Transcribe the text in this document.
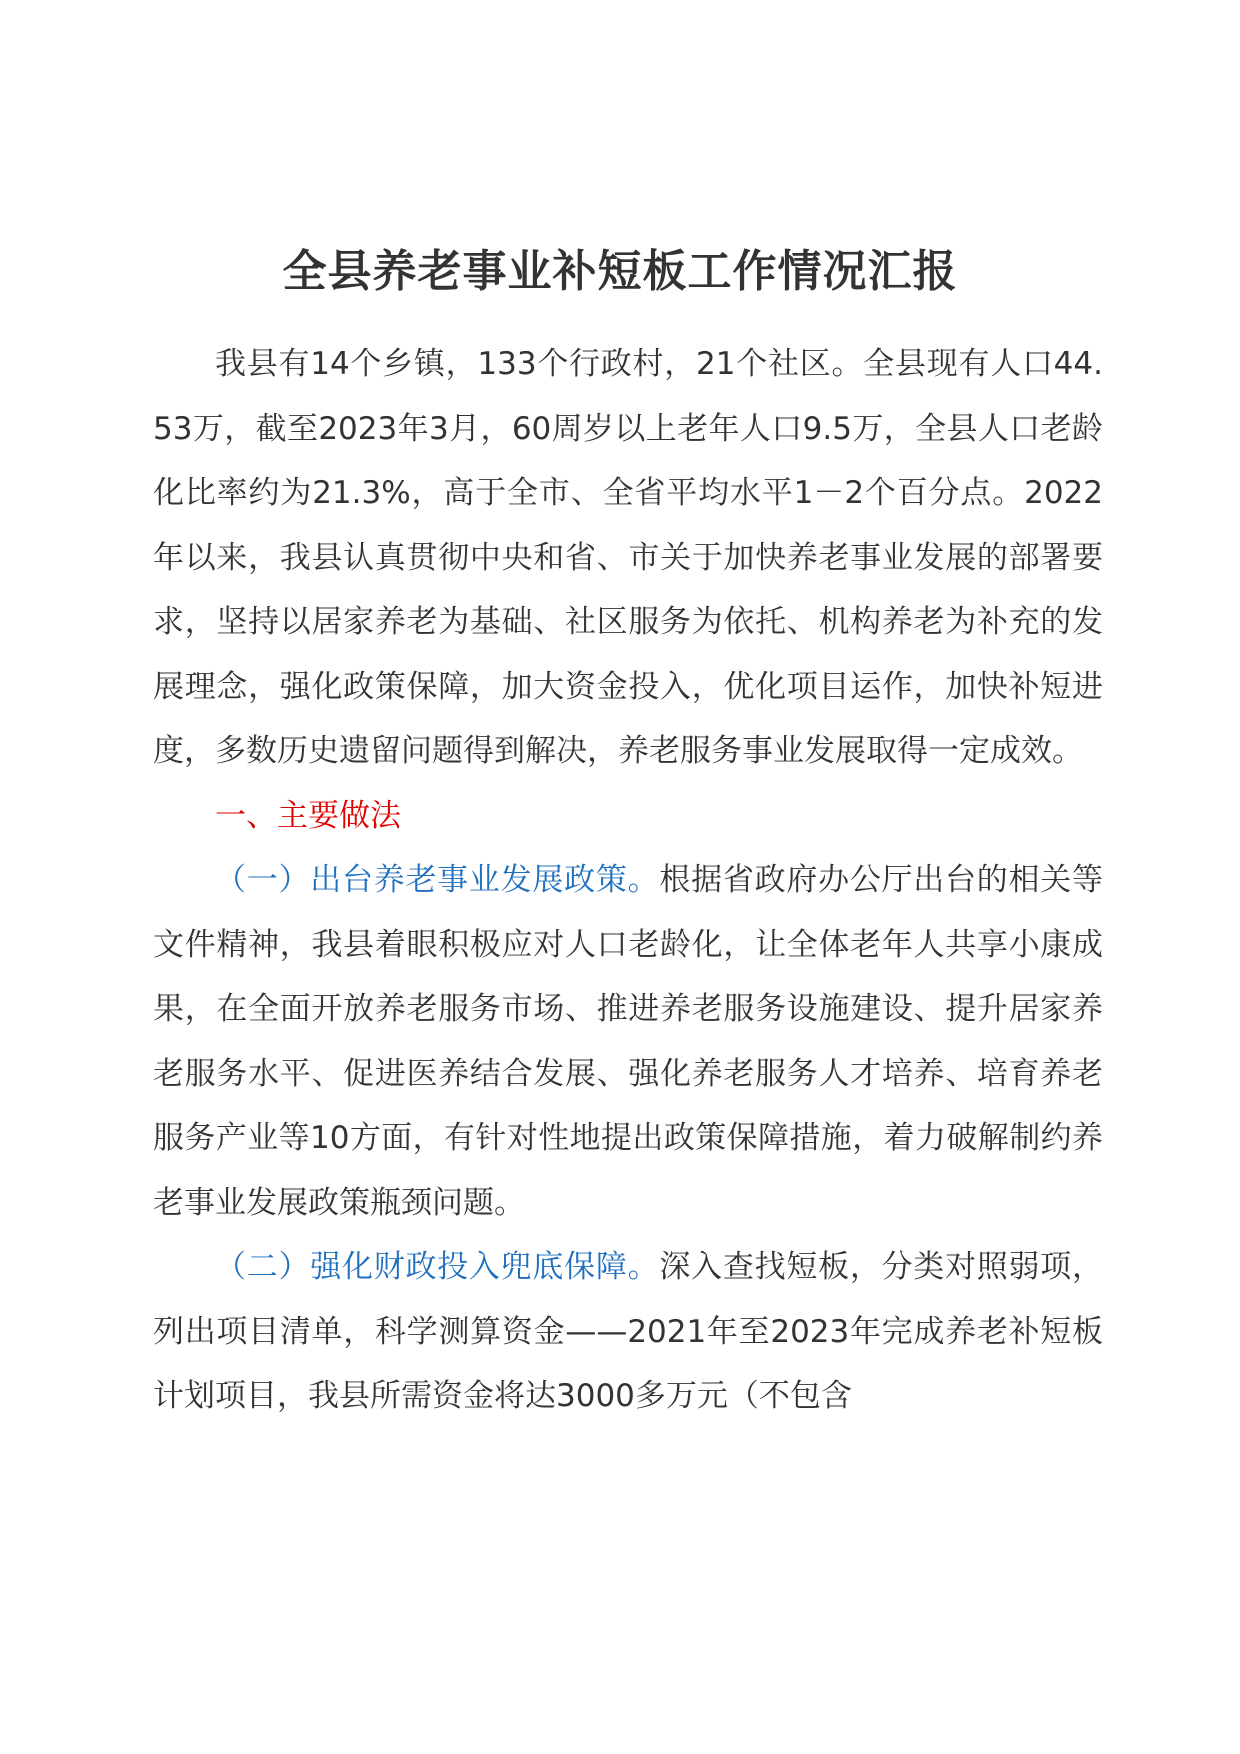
全县养老事业补短板工作情况汇报

我县有14个乡镇，133个行政村，21个社区。全县现有人口44.53万，截至2023年3月，60周岁以上老年人口9.5万，全县人口老龄化比率约为21.3%，高于全市、全省平均水平1－2个百分点。2022年以来，我县认真贯彻中央和省、市关于加快养老事业发展的部署要求，坚持以居家养老为基础、社区服务为依托、机构养老为补充的发展理念，强化政策保障，加大资金投入，优化项目运作，加快补短进度，多数历史遗留问题得到解决，养老服务事业发展取得一定成效。

一、主要做法

（一）出台养老事业发展政策。根据省政府办公厅出台的相关等文件精神，我县着眼积极应对人口老龄化，让全体老年人共享小康成果，在全面开放养老服务市场、推进养老服务设施建设、提升居家养老服务水平、促进医养结合发展、强化养老服务人才培养、培育养老服务产业等10方面，有针对性地提出政策保障措施，着力破解制约养老事业发展政策瓶颈问题。

（二）强化财政投入兜底保障。深入查找短板，分类对照弱项，列出项目清单，科学测算资金——2021年至2023年完成养老补短板计划项目，我县所需资金将达3000多万元（不包含
